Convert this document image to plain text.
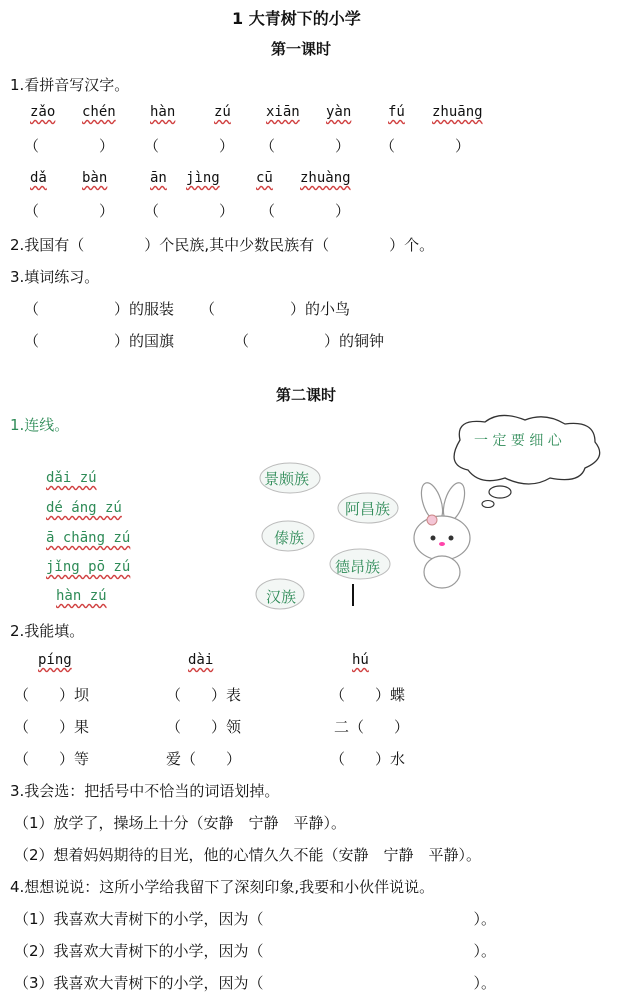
1 大青树下的小学
第一课时
1.看拼音写汉字。
zǎo chén hàn	zú	xiān yàn	fú zhuāng
（　　　　） （　　　　） （　　　　） （　　　　）
dǎ	bàn	ān jìng	cū zhuàng
（　　　　） （　　　　） （　　　　）
2.我国有（　　　　）个民族,其中少数民族有（　　　　）个。
3.填词练习。
（　　　　　）的服装 （　　　　　）的小鸟
（　　　　　）的国旗	（　　　　　）的铜钟
第二课时
1.连线。
一 定 要 细 心
dǎi zú
dé áng zú
ā chāng zú
jǐng pō zú
hàn zú
景颇族
阿昌族
傣族
德昂族
汉族
2.我能填。
píng	dài	hú
（　　）坝	（　　）表	（　　）蝶
（　　）果	（　　）领	二（　　）
（　　）等	爱（　　）	（　　）水
3.我会选：把括号中不恰当的词语划掉。
（1）放学了，操场上十分（安静　宁静　平静）。
（2）想着妈妈期待的目光，他的心情久久不能（安静　宁静　平静）。
4.想想说说：这所小学给我留下了深刻印象,我要和小伙伴说说。
（1）我喜欢大青树下的小学，因为（　　　　　　　　　　　　　　）。
（2）我喜欢大青树下的小学，因为（　　　　　　　　　　　　　　）。
（3）我喜欢大青树下的小学，因为（　　　　　　　　　　　　　　）。
